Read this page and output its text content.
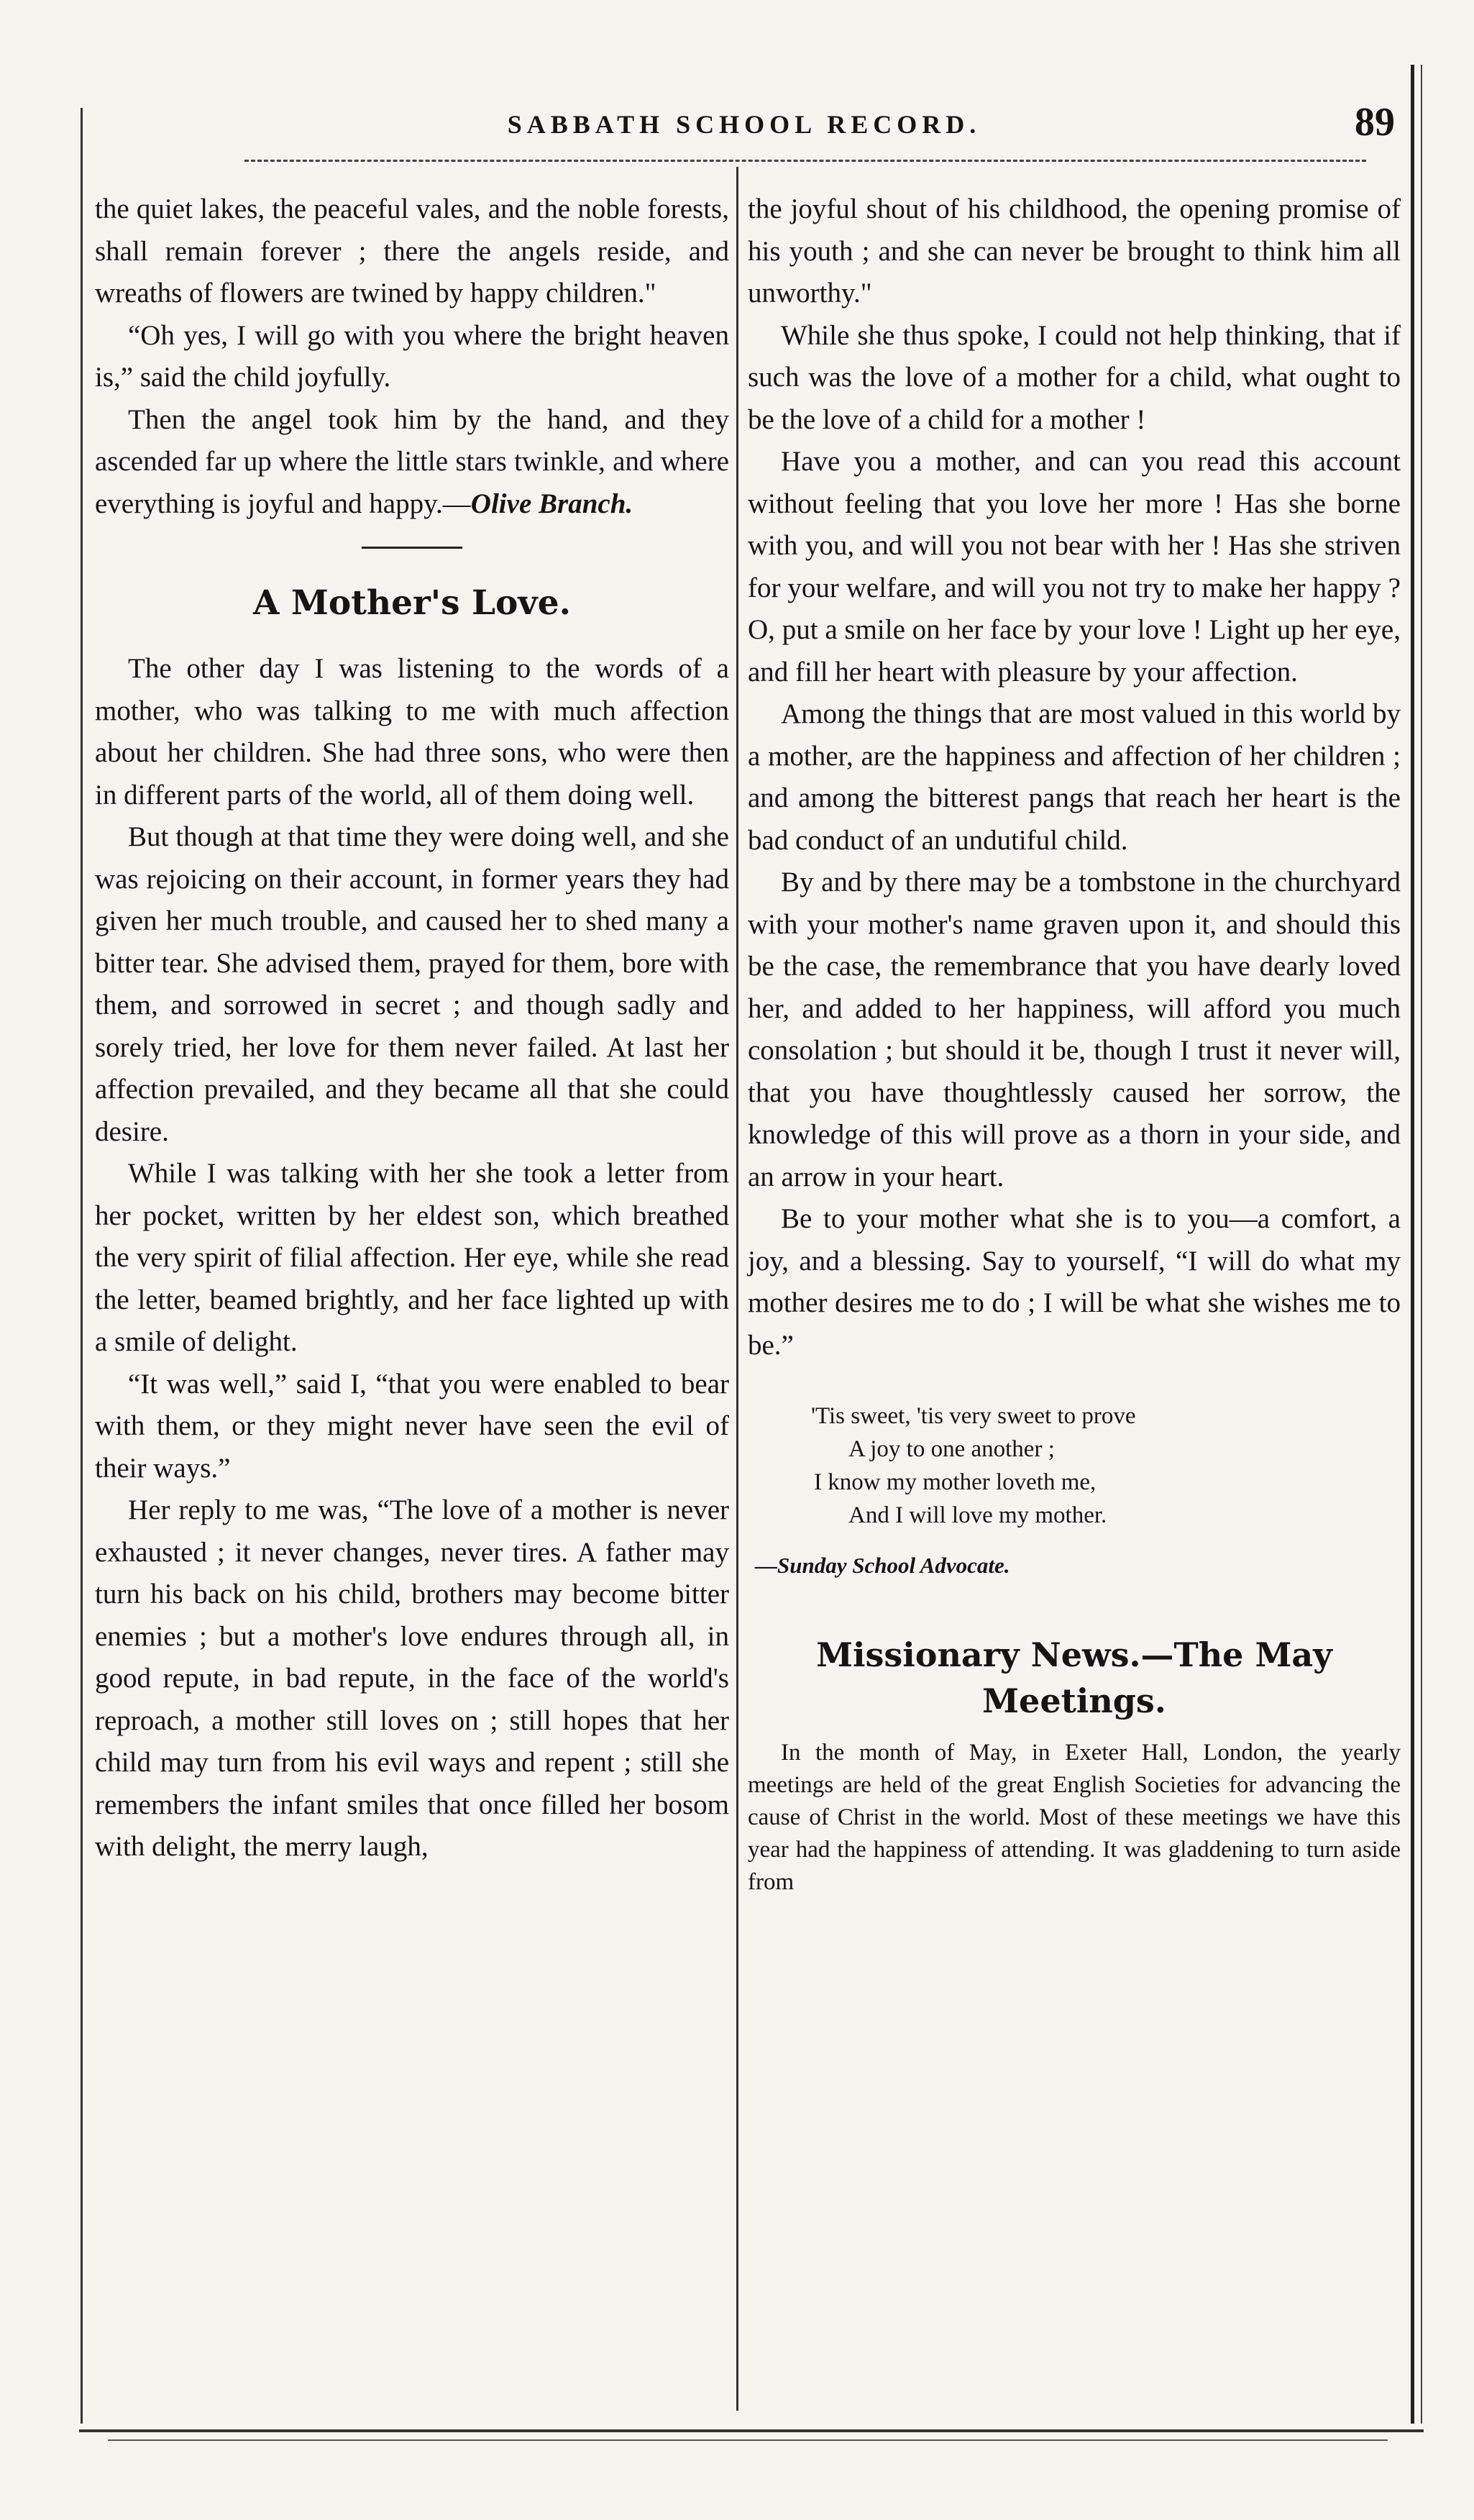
SABBATH SCHOOL RECORD.	89

the quiet lakes, the peaceful vales, and the noble forests, shall remain forever ; there the angels reside, and wreaths of flowers are twined by happy children."

“Oh yes, I will go with you where the bright heaven is,” said the child joyfully.

Then the angel took him by the hand, and they ascended far up where the little stars twinkle, and where everything is joyful and happy.—Olive Branch.

A Mother's Love.

The other day I was listening to the words of a mother, who was talking to me with much affection about her children. She had three sons, who were then in different parts of the world, all of them doing well.

But though at that time they were doing well, and she was rejoicing on their account, in former years they had given her much trouble, and caused her to shed many a bitter tear. She advised them, prayed for them, bore with them, and sorrowed in secret ; and though sadly and sorely tried, her love for them never failed. At last her affection prevailed, and they became all that she could desire.

While I was talking with her she took a letter from her pocket, written by her eldest son, which breathed the very spirit of filial affection. Her eye, while she read the letter, beamed brightly, and her face lighted up with a smile of delight.

“It was well,” said I, “that you were enabled to bear with them, or they might never have seen the evil of their ways.”

Her reply to me was, “The love of a mother is never exhausted ; it never changes, never tires. A father may turn his back on his child, brothers may become bitter enemies ; but a mother's love endures through all, in good repute, in bad repute, in the face of the world's reproach, a mother still loves on ; still hopes that her child may turn from his evil ways and repent ; still she remembers the infant smiles that once filled her bosom with delight, the merry laugh,

the joyful shout of his childhood, the opening promise of his youth ; and she can never be brought to think him all unworthy."

While she thus spoke, I could not help thinking, that if such was the love of a mother for a child, what ought to be the love of a child for a mother !

Have you a mother, and can you read this account without feeling that you love her more ! Has she borne with you, and will you not bear with her ! Has she striven for your welfare, and will you not try to make her happy ? O, put a smile on her face by your love ! Light up her eye, and fill her heart with pleasure by your affection.

Among the things that are most valued in this world by a mother, are the happiness and affection of her children ; and among the bitterest pangs that reach her heart is the bad conduct of an undutiful child.

By and by there may be a tombstone in the churchyard with your mother's name graven upon it, and should this be the case, the remembrance that you have dearly loved her, and added to her happiness, will afford you much consolation ; but should it be, though I trust it never will, that you have thoughtlessly caused her sorrow, the knowledge of this will prove as a thorn in your side, and an arrow in your heart.

Be to your mother what she is to you—a comfort, a joy, and a blessing. Say to yourself, “I will do what my mother desires me to do ; I will be what she wishes me to be.”

'Tis sweet, 'tis very sweet to prove
A joy to one another ;
I know my mother loveth me,
And I will love my mother.
—Sunday School Advocate.
Missionary News.—The May Meetings.

In the month of May, in Exeter Hall, London, the yearly meetings are held of the great English Societies for advancing the cause of Christ in the world. Most of these meetings we have this year had the happiness of attending. It was gladdening to turn aside from
